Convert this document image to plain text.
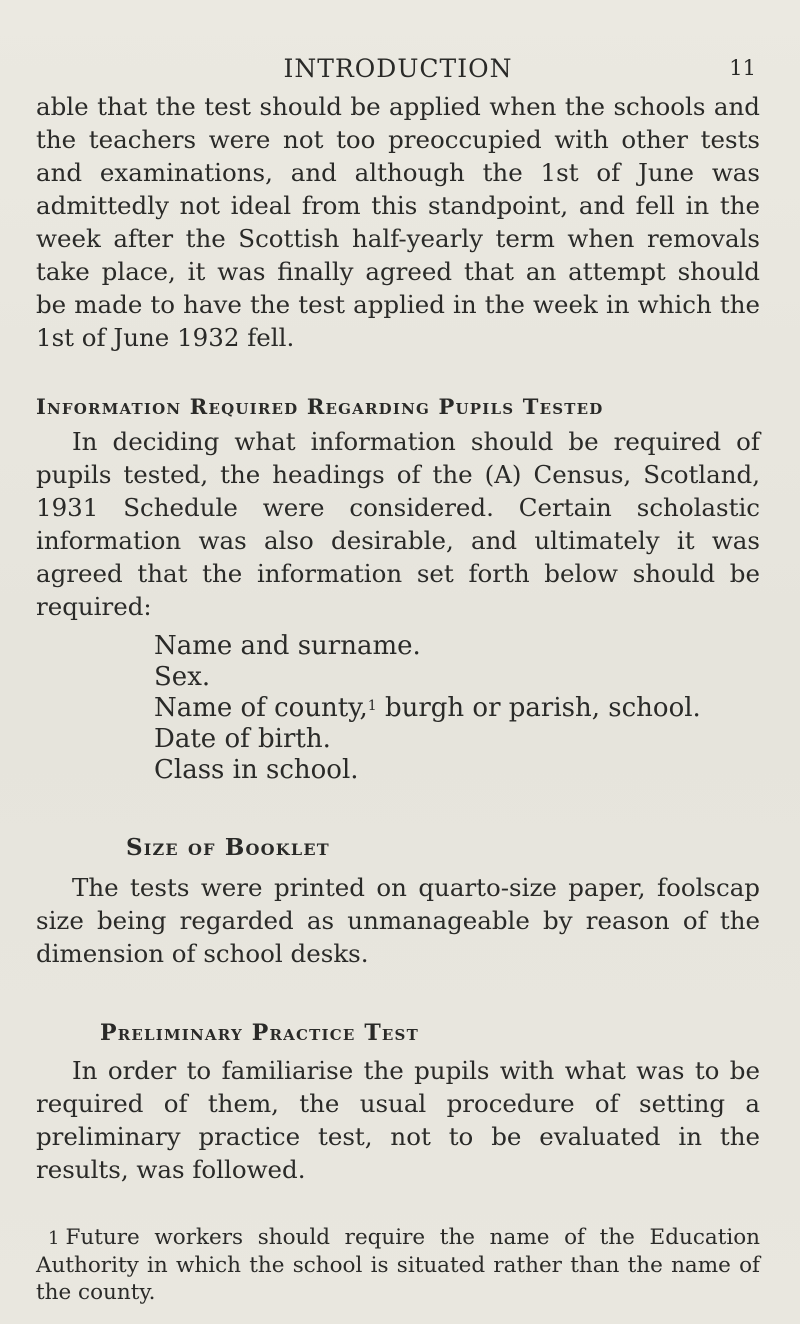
INTRODUCTION	11

able that the test should be applied when the schools and the teachers were not too preoccupied with other tests and examinations, and although the 1st of June was admittedly not ideal from this standpoint, and fell in the week after the Scottish half-yearly term when removals take place, it was finally agreed that an attempt should be made to have the test applied in the week in which the 1st of June 1932 fell.

Information Required Regarding Pupils Tested

In deciding what information should be required of pupils tested, the headings of the (A) Census, Scotland, 1931 Schedule were considered. Certain scholastic information was also desirable, and ultimately it was agreed that the information set forth below should be required:

Name and surname.
Sex.
Name of county,$^1$ burgh or parish, school.
Date of birth.
Class in school.
Size of Booklet

The tests were printed on quarto-size paper, foolscap size being regarded as unmanageable by reason of the dimension of school desks.

Preliminary Practice Test

In order to familiarise the pupils with what was to be required of them, the usual procedure of setting a preliminary practice test, not to be evaluated in the results, was followed.

1 Future workers should require the name of the Education Authority in which the school is situated rather than the name of the county.
